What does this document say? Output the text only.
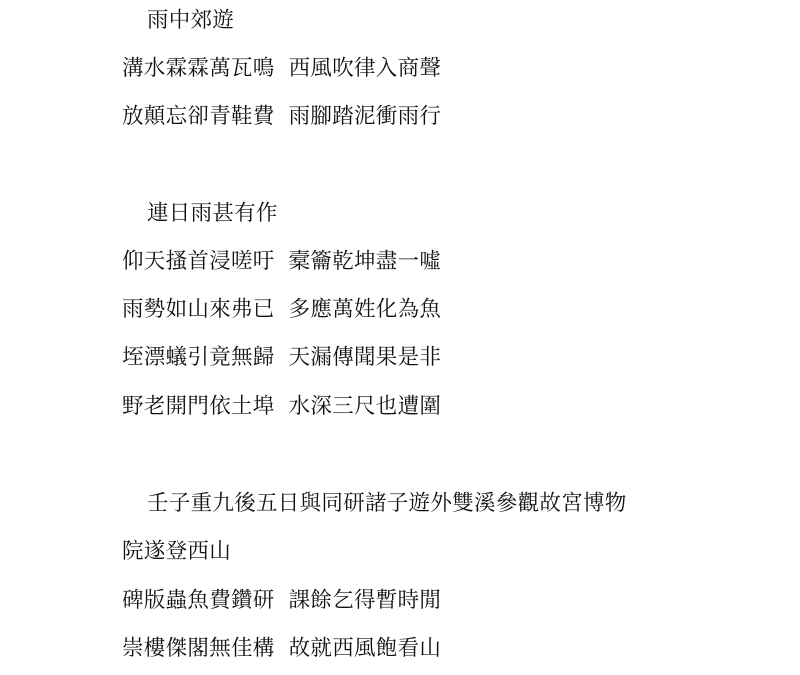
雨中郊遊
溝水霖霖萬瓦鳴 西風吹律入商聲
放顛忘卻青鞋費 雨腳踏泥衝雨行
連日雨甚有作
仰天搔首浸嗟吁 槖籥乾坤盡一噓
雨勢如山來弗已 多應萬姓化為魚
垤漂蟻引竟無歸 天漏傳聞果是非
野老開門依土埠 水深三尺也遭圍
壬子重九後五日與同研諸子遊外雙溪參觀故宮博物
院遂登西山
碑版蟲魚費鑽研 課餘乞得暫時閒
崇樓傑閣無佳構 故就西風飽看山
